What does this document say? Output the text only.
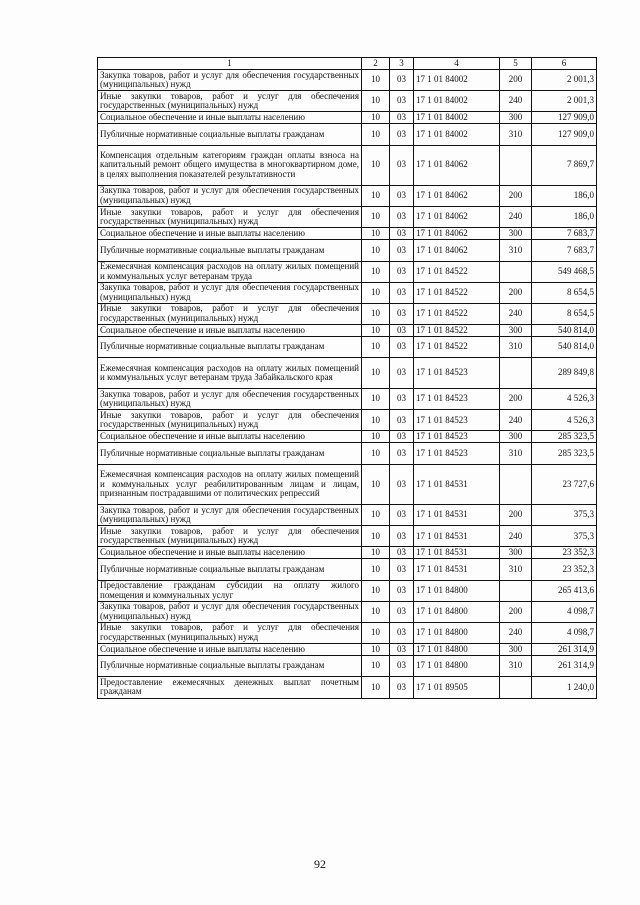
1	2	3	4	5	6
Закупка товаров, работ и услуг для обеспечения государственных (муниципальных) нужд	10	03	17 1 01 84002	200	2 001,3
Иные закупки товаров, работ и услуг для обеспечения государственных (муниципальных) нужд	10	03	17 1 01 84002	240	2 001,3
Социальное обеспечение и иные выплаты населению	10	03	17 1 01 84002	300	127 909,0
Публичные нормативные социальные выплаты гражданам	10	03	17 1 01 84002	310	127 909,0
Компенсация отдельным категориям граждан оплаты взноса на капитальный ремонт общего имущества в многоквартирном доме, в целях выполнения показателей результативности	10	03	17 1 01 84062		7 869,7
Закупка товаров, работ и услуг для обеспечения государственных (муниципальных) нужд	10	03	17 1 01 84062	200	186,0
Иные закупки товаров, работ и услуг для обеспечения государственных (муниципальных) нужд	10	03	17 1 01 84062	240	186,0
Социальное обеспечение и иные выплаты населению	10	03	17 1 01 84062	300	7 683,7
Публичные нормативные социальные выплаты гражданам	10	03	17 1 01 84062	310	7 683,7
Ежемесячная компенсация расходов на оплату жилых помещений и коммунальных услуг ветеранам труда	10	03	17 1 01 84522		549 468,5
Закупка товаров, работ и услуг для обеспечения государственных (муниципальных) нужд	10	03	17 1 01 84522	200	8 654,5
Иные закупки товаров, работ и услуг для обеспечения государственных (муниципальных) нужд	10	03	17 1 01 84522	240	8 654,5
Социальное обеспечение и иные выплаты населению	10	03	17 1 01 84522	300	540 814,0
Публичные нормативные социальные выплаты гражданам	10	03	17 1 01 84522	310	540 814,0
Ежемесячная компенсация расходов на оплату жилых помещений и коммунальных услуг ветеранам труда Забайкальского края	10	03	17 1 01 84523		289 849,8
Закупка товаров, работ и услуг для обеспечения государственных (муниципальных) нужд	10	03	17 1 01 84523	200	4 526,3
Иные закупки товаров, работ и услуг для обеспечения государственных (муниципальных) нужд	10	03	17 1 01 84523	240	4 526,3
Социальное обеспечение и иные выплаты населению	10	03	17 1 01 84523	300	285 323,5
Публичные нормативные социальные выплаты гражданам	10	03	17 1 01 84523	310	285 323,5
Ежемесячная компенсация расходов на оплату жилых помещений и коммунальных услуг реабилитированным лицам и лицам, признанным пострадавшими от политических репрессий	10	03	17 1 01 84531		23 727,6
Закупка товаров, работ и услуг для обеспечения государственных (муниципальных) нужд	10	03	17 1 01 84531	200	375,3
Иные закупки товаров, работ и услуг для обеспечения государственных (муниципальных) нужд	10	03	17 1 01 84531	240	375,3
Социальное обеспечение и иные выплаты населению	10	03	17 1 01 84531	300	23 352,3
Публичные нормативные социальные выплаты гражданам	10	03	17 1 01 84531	310	23 352,3
Предоставление гражданам субсидии на оплату жилого помещения и коммунальных услуг	10	03	17 1 01 84800		265 413,6
Закупка товаров, работ и услуг для обеспечения государственных (муниципальных) нужд	10	03	17 1 01 84800	200	4 098,7
Иные закупки товаров, работ и услуг для обеспечения государственных (муниципальных) нужд	10	03	17 1 01 84800	240	4 098,7
Социальное обеспечение и иные выплаты населению	10	03	17 1 01 84800	300	261 314,9
Публичные нормативные социальные выплаты гражданам	10	03	17 1 01 84800	310	261 314,9
Предоставление ежемесячных денежных выплат почетным гражданам	10	03	17 1 01 89505		1 240,0
92
